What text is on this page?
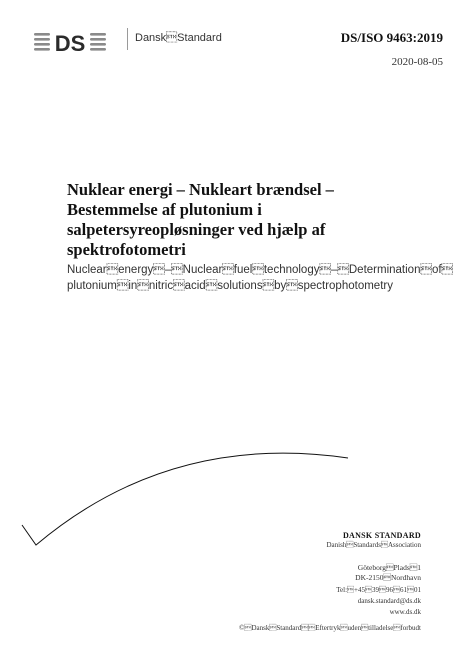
DS	DanskStandard	DS/ISO 9463:2019
2020-08-05
Nuklear energi – Nukleart brændsel – Bestemmelse af plutonium i salpetersyreopløsninger ved hjælp af spektrofotometri

Nuclearenergy–Nuclearfueltechnology–Determinationof plutoniuminnitricacidsolutionsbyspectrophotometry

DANSK STANDARD
DanishStandardsAssociation
GöteborgPlads1
DK-2150Nordhavn
Tel:+4539966101
dansk.standard@ds.dk
www.ds.dk
©DanskStandardEftertrykudentilladelseforbudt
